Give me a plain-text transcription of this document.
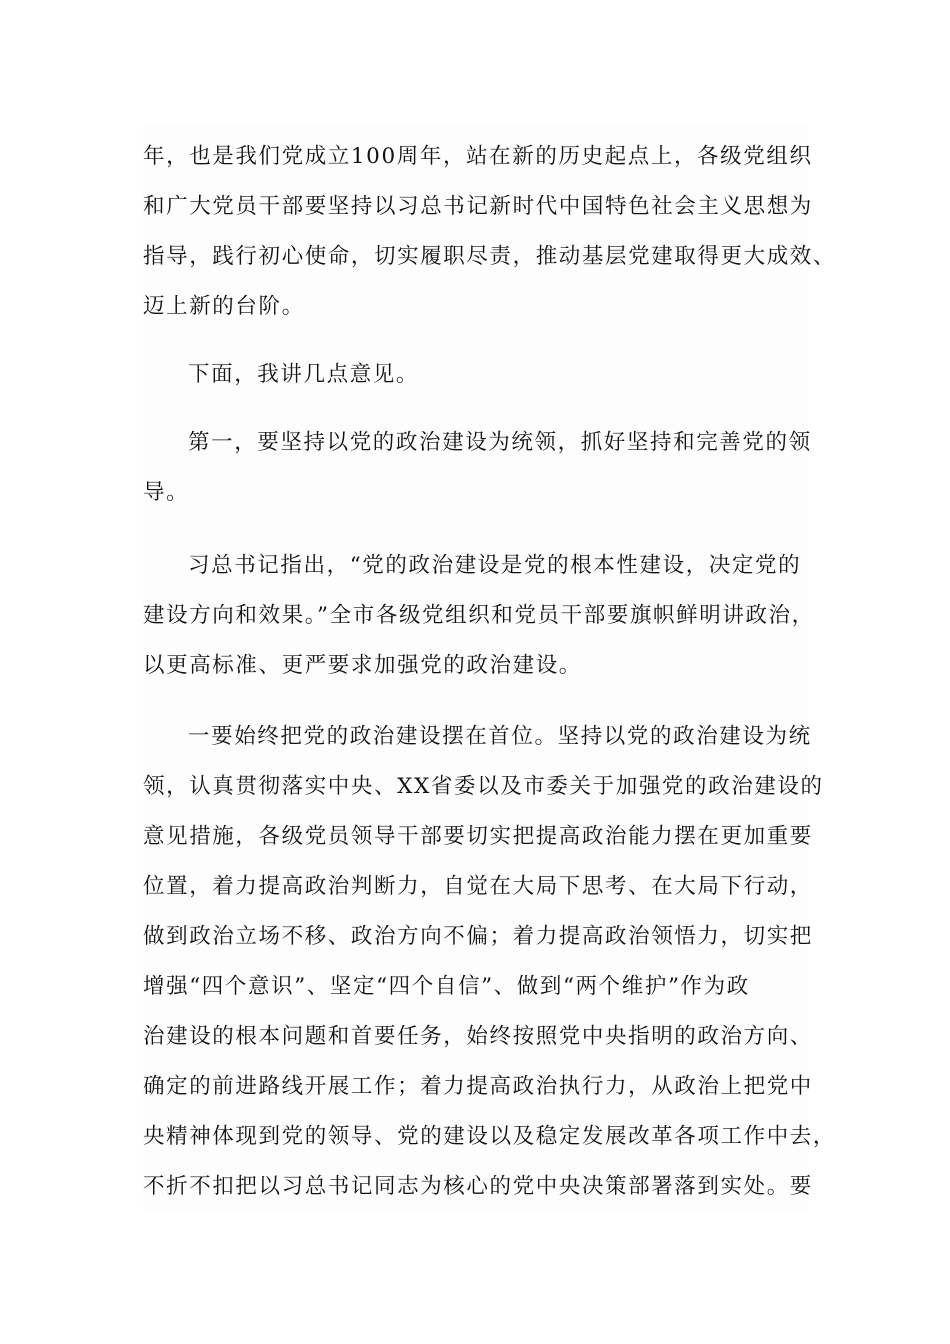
年，也是我们党成立100周年，站在新的历史起点上，各级党组织
和广大党员干部要坚持以习总书记新时代中国特色社会主义思想为
指导，践行初心使命，切实履职尽责，推动基层党建取得更大成效、
迈上新的台阶。
下面，我讲几点意见。
第一，要坚持以党的政治建设为统领，抓好坚持和完善党的领
导。
习总书记指出，“党的政治建设是党的根本性建设，决定党的
建设方向和效果。”全市各级党组织和党员干部要旗帜鲜明讲政治，
以更高标准、更严要求加强党的政治建设。
一要始终把党的政治建设摆在首位。坚持以党的政治建设为统
领，认真贯彻落实中央、XX省委以及市委关于加强党的政治建设的
意见措施，各级党员领导干部要切实把提高政治能力摆在更加重要
位置，着力提高政治判断力，自觉在大局下思考、在大局下行动，
做到政治立场不移、政治方向不偏；着力提高政治领悟力，切实把
增强“四个意识”、坚定“四个自信”、做到“两个维护”作为政
治建设的根本问题和首要任务，始终按照党中央指明的政治方向、
确定的前进路线开展工作；着力提高政治执行力，从政治上把党中
央精神体现到党的领导、党的建设以及稳定发展改革各项工作中去，
不折不扣把以习总书记同志为核心的党中央决策部署落到实处。要
